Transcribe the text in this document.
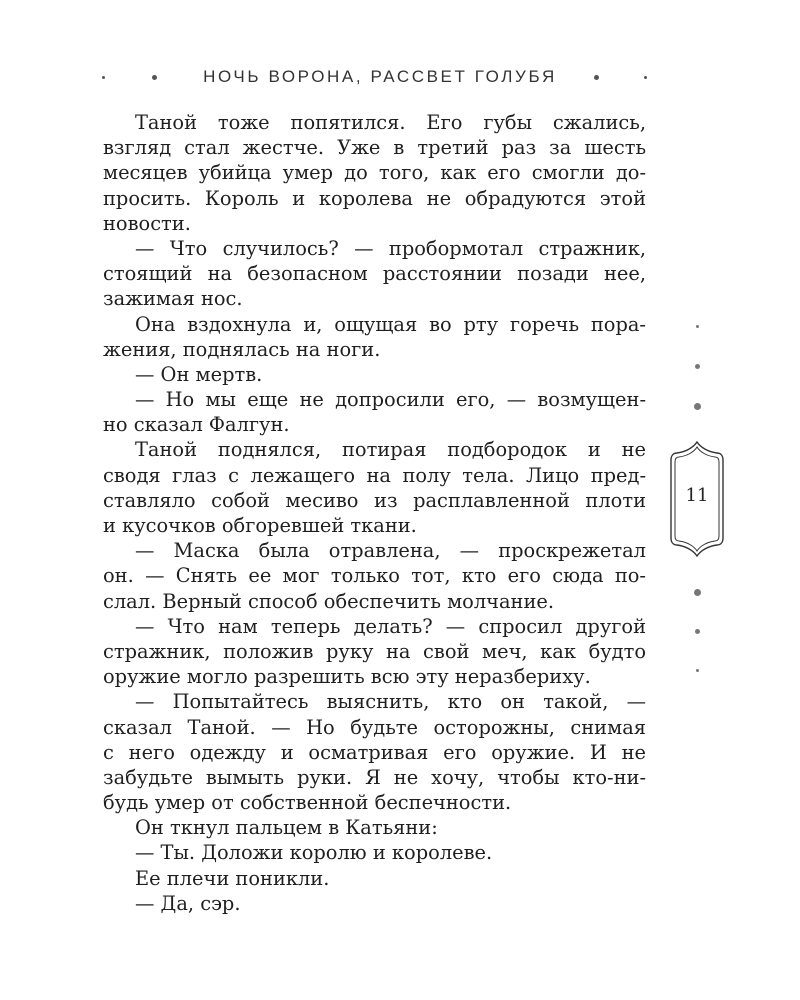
НОЧЬ ВОРОНА, РАССВЕТ ГОЛУБЯ
Таной тоже попятился. Его губы сжались,
взгляд стал жестче. Уже в третий раз за шесть
месяцев убийца умер до того, как его смогли до-
просить. Король и королева не обрадуются этой
новости.
— Что случилось? — пробормотал стражник,
стоящий на безопасном расстоянии позади нее,
зажимая нос.
Она вздохнула и, ощущая во рту горечь пора-
жения, поднялась на ноги.
— Он мертв.
— Но мы еще не допросили его, — возмущен-
но сказал Фалгун.
Таной поднялся, потирая подбородок и не
сводя глаз с лежащего на полу тела. Лицо пред-
ставляло собой месиво из расплавленной плоти
и кусочков обгоревшей ткани.
— Маска была отравлена, — проскрежетал
он. — Снять ее мог только тот, кто его сюда по-
слал. Верный способ обеспечить молчание.
— Что нам теперь делать? — спросил другой
стражник, положив руку на свой меч, как будто
оружие могло разрешить всю эту неразбериху.
— Попытайтесь выяснить, кто он такой, —
сказал Таной. — Но будьте осторожны, снимая
с него одежду и осматривая его оружие. И не
забудьте вымыть руки. Я не хочу, чтобы кто-ни-
будь умер от собственной беспечности.
Он ткнул пальцем в Катьяни:
— Ты. Доложи королю и королеве.
Ее плечи поникли.
— Да, сэр.
11
